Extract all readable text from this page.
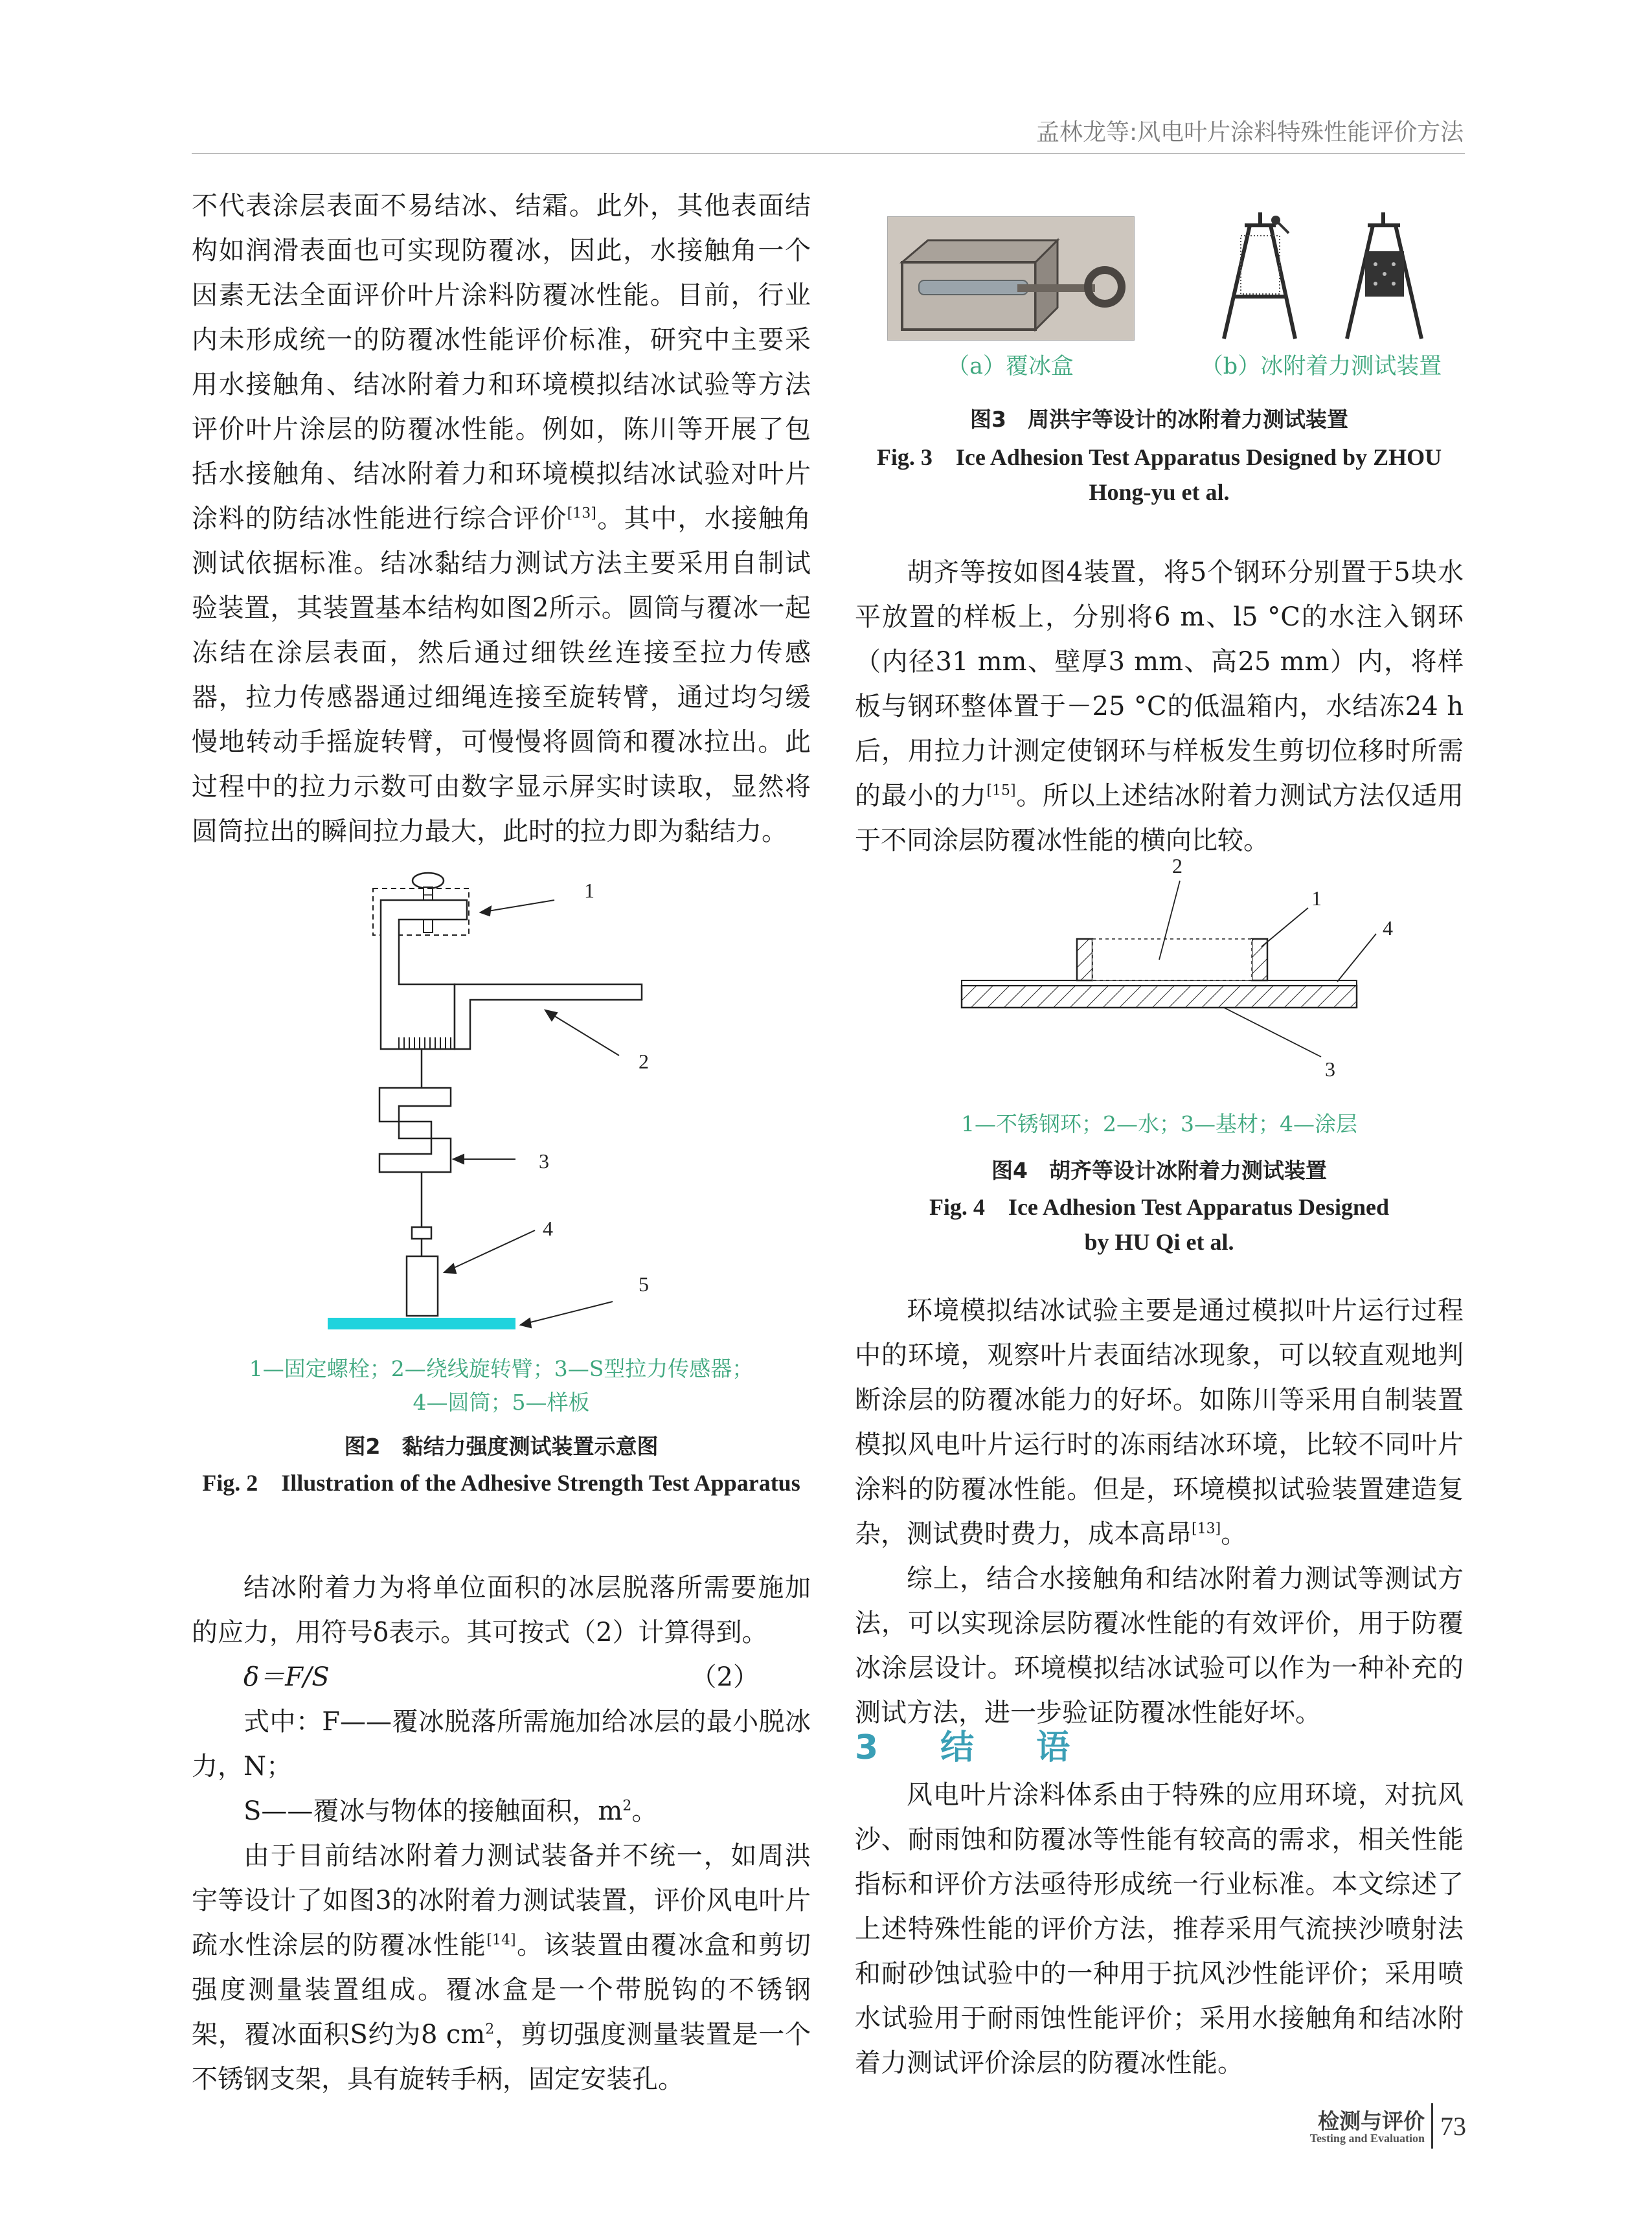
孟林龙等:风电叶片涂料特殊性能评价方法

不代表涂层表面不易结冰、结霜。此外，其他表面结构如润滑表面也可实现防覆冰，因此，水接触角一个因素无法全面评价叶片涂料防覆冰性能。目前，行业内未形成统一的防覆冰性能评价标准，研究中主要采用水接触角、结冰附着力和环境模拟结冰试验等方法评价叶片涂层的防覆冰性能。例如，陈川等开展了包括水接触角、结冰附着力和环境模拟结冰试验对叶片涂料的防结冰性能进行综合评价[13]。其中，水接触角测试依据标准。结冰黏结力测试方法主要采用自制试验装置，其装置基本结构如图2所示。圆筒与覆冰一起冻结在涂层表面，然后通过细铁丝连接至拉力传感器，拉力传感器通过细绳连接至旋转臂，通过均匀缓慢地转动手摇旋转臂，可慢慢将圆筒和覆冰拉出。此过程中的拉力示数可由数字显示屏实时读取，显然将圆筒拉出的瞬间拉力最大，此时的拉力即为黏结力。

1
2
3
4
5
1—固定螺栓；2—绕线旋转臂；3—S型拉力传感器；
4—圆筒；5—样板
图2　黏结力强度测试装置示意图
Fig. 2　Illustration of the Adhesive Strength Test Apparatus

结冰附着力为将单位面积的冰层脱落所需要施加的应力，用符号δ表示。其可按式（2）计算得到。

δ＝F/S	（2）

式中：F——覆冰脱落所需施加给冰层的最小脱冰力，N；

S——覆冰与物体的接触面积，$m^2$。

由于目前结冰附着力测试装备并不统一，如周洪宇等设计了如图3的冰附着力测试装置，评价风电叶片疏水性涂层的防覆冰性能[14]。该装置由覆冰盒和剪切强度测量装置组成。覆冰盒是一个带脱钩的不锈钢架，覆冰面积S约为8 $cm^2$，剪切强度测量装置是一个不锈钢支架，具有旋转手柄，固定安装孔。

（a）覆冰盒	（b）冰附着力测试装置
图3　周洪宇等设计的冰附着力测试装置
Fig. 3　Ice Adhesion Test Apparatus Designed by ZHOU
Hong-yu et al.

胡齐等按如图4装置，将5个钢环分别置于5块水平放置的样板上，分别将6 m、l5 °C的水注入钢环（内径31 mm、壁厚3 mm、高25 mm）内，将样板与钢环整体置于－25 °C的低温箱内，水结冻24 h后，用拉力计测定使钢环与样板发生剪切位移时所需的最小的力[15]。所以上述结冰附着力测试方法仅适用于不同涂层防覆冰性能的横向比较。

2
1
4
3
1—不锈钢环；2—水；3—基材；4—涂层
图4　胡齐等设计冰附着力测试装置
Fig. 4　Ice Adhesion Test Apparatus Designed
by HU Qi et al.

环境模拟结冰试验主要是通过模拟叶片运行过程中的环境，观察叶片表面结冰现象，可以较直观地判断涂层的防覆冰能力的好坏。如陈川等采用自制装置模拟风电叶片运行时的冻雨结冰环境，比较不同叶片涂料的防覆冰性能。但是，环境模拟试验装置建造复杂，测试费时费力，成本高昂[13]。

综上，结合水接触角和结冰附着力测试等测试方法，可以实现涂层防覆冰性能的有效评价，用于防覆冰涂层设计。环境模拟结冰试验可以作为一种补充的测试方法，进一步验证防覆冰性能好坏。

3　结　语

风电叶片涂料体系由于特殊的应用环境，对抗风沙、耐雨蚀和防覆冰等性能有较高的需求，相关性能指标和评价方法亟待形成统一行业标准。本文综述了上述特殊性能的评价方法，推荐采用气流挟沙喷射法和耐砂蚀试验中的一种用于抗风沙性能评价；采用喷水试验用于耐雨蚀性能评价；采用水接触角和结冰附着力测试评价涂层的防覆冰性能。

检测与评价
Testing and Evaluation 73
